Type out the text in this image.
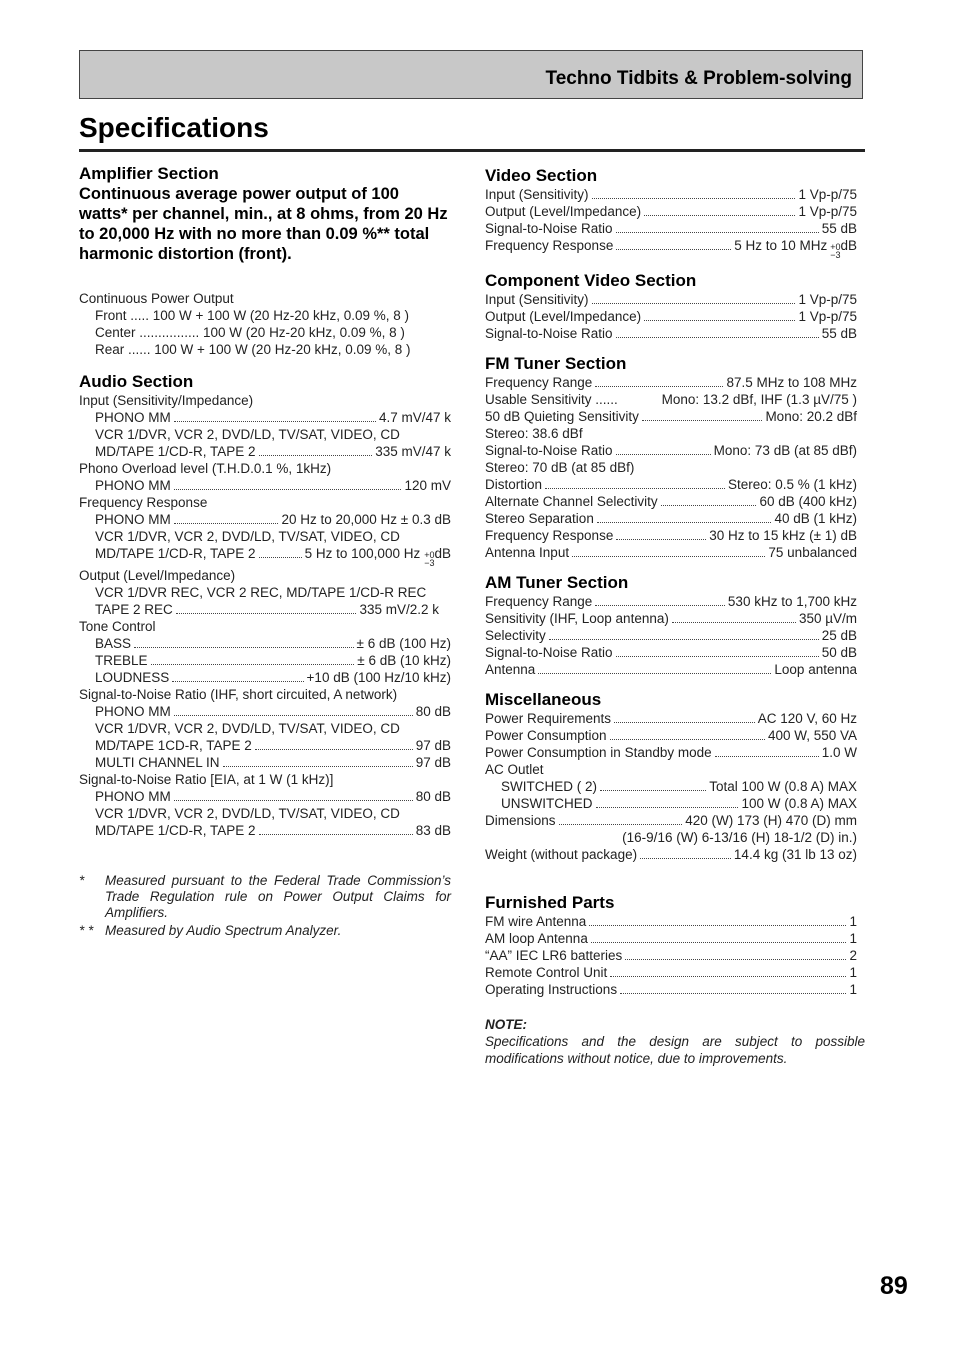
Techno Tidbits & Problem-solving
Specifications
Amplifier Section
Continuous average power output of 100 watts* per channel, min., at 8 ohms, from 20 Hz to 20,000 Hz with no more than 0.09 %** total harmonic distortion (front).
Continuous Power Output
Front ..... 100 W + 100 W (20 Hz-20 kHz, 0.09 %, 8 )
Center ................ 100 W (20 Hz-20 kHz, 0.09 %, 8 )
Rear ...... 100 W + 100 W (20 Hz-20 kHz, 0.09 %, 8 )
Audio Section
Input (Sensitivity/Impedance)
PHONO MM	4.7 mV/47 k
VCR 1/DVR, VCR 2, DVD/LD, TV/SAT, VIDEO, CD
MD/TAPE 1/CD-R, TAPE 2	335 mV/47 k
Phono Overload level (T.H.D.0.1 %, 1kHz)
PHONO MM	120 mV
Frequency Response
PHONO MM	20 Hz to 20,000 Hz ± 0.3 dB
VCR 1/DVR, VCR 2, DVD/LD, TV/SAT, VIDEO, CD
MD/TAPE 1/CD-R, TAPE 2	5 Hz to 100,000 Hz +0
−3
dB
Output (Level/Impedance)
VCR 1/DVR REC, VCR 2 REC, MD/TAPE 1/CD-R REC
TAPE 2 REC	335 mV/2.2 k
Tone Control
BASS	± 6 dB (100 Hz)
TREBLE	± 6 dB (10 kHz)
LOUDNESS	+10 dB (100 Hz/10 kHz)
Signal-to-Noise Ratio (IHF, short circuited, A network)
PHONO MM	80 dB
VCR 1/DVR, VCR 2, DVD/LD, TV/SAT, VIDEO, CD
MD/TAPE 1CD-R, TAPE 2	97 dB
MULTI CHANNEL IN	97 dB
Signal-to-Noise Ratio [EIA, at 1 W (1 kHz)]
PHONO MM	80 dB
VCR 1/DVR, VCR 2, DVD/LD, TV/SAT, VIDEO, CD
MD/TAPE 1/CD-R, TAPE 2	83 dB
*	Measured pursuant to the Federal Trade Commission’s Trade Regulation rule on Power Output Claims for Amplifiers.
* * Measured by Audio Spectrum Analyzer.
Video Section
Input (Sensitivity)	1 Vp-p/75
Output (Level/Impedance)	1 Vp-p/75
Signal-to-Noise Ratio	55 dB
Frequency Response	5 Hz to 10 MHz +0
−3
dB
Component Video Section
Input (Sensitivity)	1 Vp-p/75
Output (Level/Impedance)	1 Vp-p/75
Signal-to-Noise Ratio	55 dB
FM Tuner Section
Frequency Range	87.5 MHz to 108 MHz
Usable Sensitivity ......	Mono: 13.2 dBf, IHF (1.3 µV/75 )
50 dB Quieting Sensitivity	Mono: 20.2 dBf
Stereo: 38.6 dBf
Signal-to-Noise Ratio	Mono: 73 dB (at 85 dBf)
Stereo: 70 dB (at 85 dBf)
Distortion	Stereo: 0.5 % (1 kHz)
Alternate Channel Selectivity	60 dB (400 kHz)
Stereo Separation	40 dB (1 kHz)
Frequency Response	30 Hz to 15 kHz (± 1) dB
Antenna Input	75 unbalanced
AM Tuner Section
Frequency Range	530 kHz to 1,700 kHz
Sensitivity (IHF, Loop antenna)	350 µV/m
Selectivity	25 dB
Signal-to-Noise Ratio	50 dB
Antenna	Loop antenna
Miscellaneous
Power Requirements	AC 120 V, 60 Hz
Power Consumption	400 W, 550 VA
Power Consumption in Standby mode	1.0 W
AC Outlet
SWITCHED ( 2)	Total 100 W (0.8 A) MAX
UNSWITCHED	100 W (0.8 A) MAX
Dimensions	420 (W) 173 (H) 470 (D) mm
(16-9/16 (W) 6-13/16 (H) 18-1/2 (D) in.)
Weight (without package)	14.4 kg (31 lb 13 oz)
Furnished Parts
FM wire Antenna	1
AM loop Antenna	1
“AA” IEC LR6 batteries	2
Remote Control Unit	1
Operating Instructions	1
NOTE:
Specifications and the design are subject to possible modifications without notice, due to improvements.
89
